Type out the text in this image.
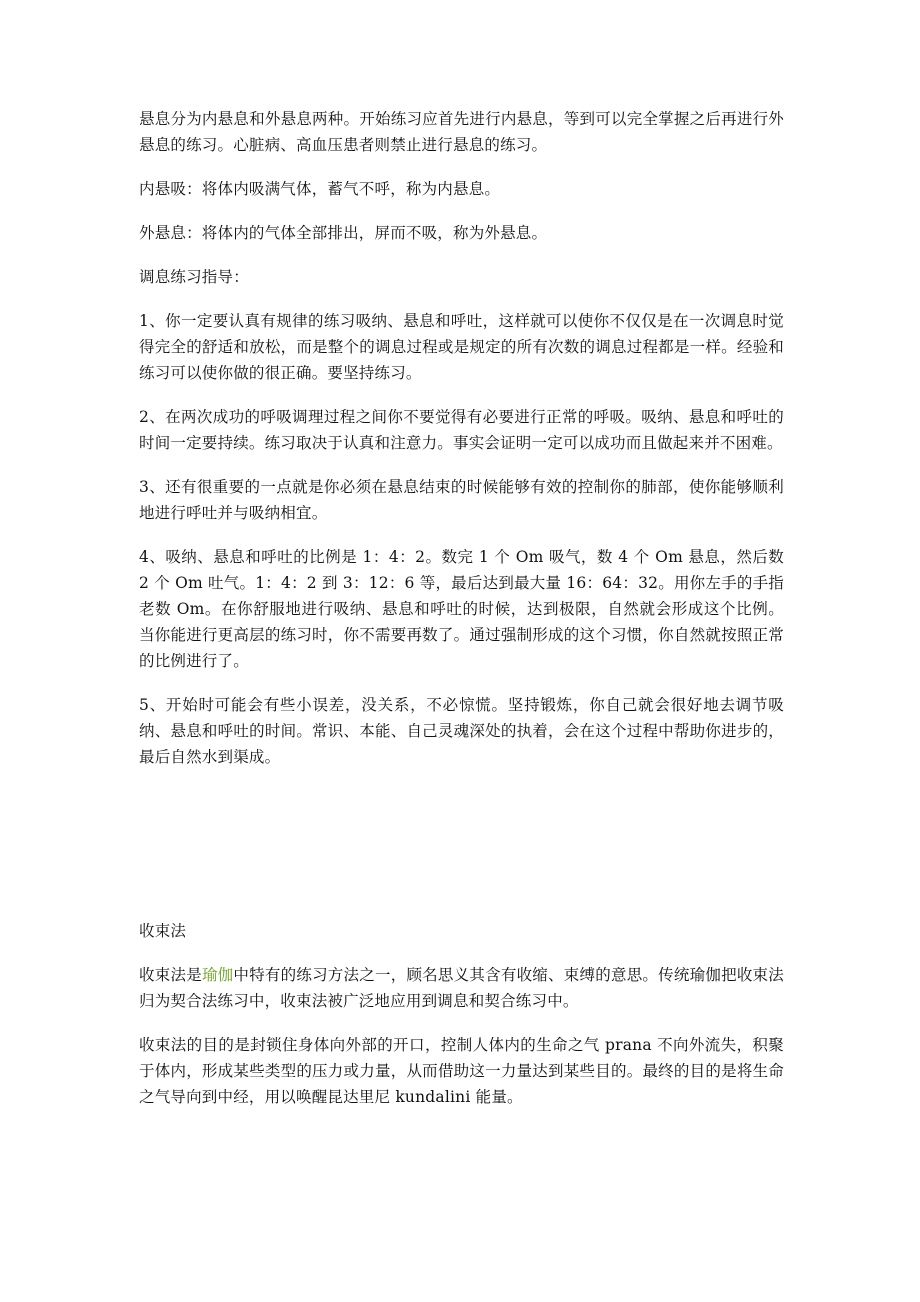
悬息分为内悬息和外悬息两种。开始练习应首先进行内悬息，等到可以完全掌握之后再进行外悬息的练习。心脏病、高血压患者则禁止进行悬息的练习。

内悬吸：将体内吸满气体，蓄气不呼，称为内悬息。

外悬息：将体内的气体全部排出，屏而不吸，称为外悬息。

调息练习指导：

1、你一定要认真有规律的练习吸纳、悬息和呼吐，这样就可以使你不仅仅是在一次调息时觉得完全的舒适和放松，而是整个的调息过程或是规定的所有次数的调息过程都是一样。经验和练习可以使你做的很正确。要坚持练习。

2、在两次成功的呼吸调理过程之间你不要觉得有必要进行正常的呼吸。吸纳、悬息和呼吐的时间一定要持续。练习取决于认真和注意力。事实会证明一定可以成功而且做起来并不困难。

3、还有很重要的一点就是你必须在悬息结束的时候能够有效的控制你的肺部，使你能够顺利地进行呼吐并与吸纳相宜。

4、吸纳、悬息和呼吐的比例是 1：4：2。数完 1 个 Om 吸气，数 4 个 Om 悬息，然后数 2 个 Om 吐气。1：4：2 到 3：12：6 等，最后达到最大量 16：64：32。用你左手的手指老数 Om。在你舒服地进行吸纳、悬息和呼吐的时候，达到极限，自然就会形成这个比例。当你能进行更高层的练习时，你不需要再数了。通过强制形成的这个习惯，你自然就按照正常的比例进行了。

5、开始时可能会有些小误差，没关系，不必惊慌。坚持锻炼，你自己就会很好地去调节吸纳、悬息和呼吐的时间。常识、本能、自己灵魂深处的执着，会在这个过程中帮助你进步的，最后自然水到渠成。

收束法

收束法是瑜伽中特有的练习方法之一，顾名思义其含有收缩、束缚的意思。传统瑜伽把收束法归为契合法练习中，收束法被广泛地应用到调息和契合练习中。

收束法的目的是封锁住身体向外部的开口，控制人体内的生命之气 prana 不向外流失，积聚于体内，形成某些类型的压力或力量，从而借助这一力量达到某些目的。最终的目的是将生命之气导向到中经，用以唤醒昆达里尼 kundalini 能量。
